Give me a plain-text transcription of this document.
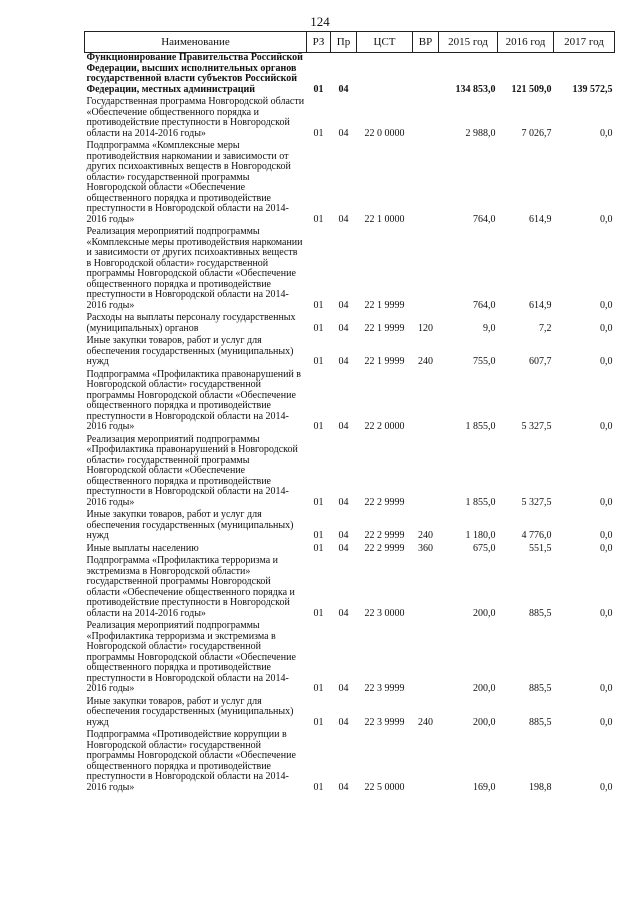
124
Наименование	РЗ	Пр	ЦСТ	ВР	2015 год	2016 год	2017 год
Функционирование Правительства Российской Федерации, высших исполнительных органов государственной власти субъектов Российской Федерации, местных администраций	01	04			134 853,0	121 509,0	139 572,5
Государственная программа Новгородской области «Обеспечение общественного порядка и противодействие преступности в Новгородской области на 2014-2016 годы»	01	04	22 0 0000		2 988,0	7 026,7	0,0
Подпрограмма «Комплексные меры противодействия наркомании и зависимости от других психоактивных веществ в Новгородской области» государственной программы Новгородской области «Обеспечение общественного порядка и противодействие преступности в Новгородской области на 2014-2016 годы»	01	04	22 1 0000		764,0	614,9	0,0
Реализация мероприятий подпрограммы «Комплексные меры противодействия наркомании и зависимости от других психоактивных веществ в Новгородской области» государственной программы Новгородской области «Обеспечение общественного порядка и противодействие преступности в Новгородской области на 2014-2016 годы»	01	04	22 1 9999		764,0	614,9	0,0
Расходы на выплаты персоналу государственных (муниципальных) органов	01	04	22 1 9999	120	9,0	7,2	0,0
Иные закупки товаров, работ и услуг для обеспечения государственных (муниципальных) нужд	01	04	22 1 9999	240	755,0	607,7	0,0
Подпрограмма «Профилактика правонарушений в Новгородской области» государственной программы Новгородской области «Обеспечение общественного порядка и противодействие преступности в Новгородской области на 2014-2016 годы»	01	04	22 2 0000		1 855,0	5 327,5	0,0
Реализация мероприятий подпрограммы «Профилактика правонарушений в Новгородской области» государственной программы Новгородской области «Обеспечение общественного порядка и противодействие преступности в Новгородской области на 2014-2016 годы»	01	04	22 2 9999		1 855,0	5 327,5	0,0
Иные закупки товаров, работ и услуг для обеспечения государственных (муниципальных) нужд	01	04	22 2 9999	240	1 180,0	4 776,0	0,0
Иные выплаты населению	01	04	22 2 9999	360	675,0	551,5	0,0
Подпрограмма «Профилактика терроризма и экстремизма в Новгородской области» государственной программы Новгородской области «Обеспечение общественного порядка и противодействие преступности в Новгородской области на 2014-2016 годы»	01	04	22 3 0000		200,0	885,5	0,0
Реализация мероприятий подпрограммы «Профилактика терроризма и экстремизма в Новгородской области» государственной программы Новгородской области «Обеспечение общественного порядка и противодействие преступности в Новгородской области на 2014-2016 годы»	01	04	22 3 9999		200,0	885,5	0,0
Иные закупки товаров, работ и услуг для обеспечения государственных (муниципальных) нужд	01	04	22 3 9999	240	200,0	885,5	0,0
Подпрограмма «Противодействие коррупции в Новгородской области» государственной программы Новгородской области «Обеспечение общественного порядка и противодействие преступности в Новгородской области на 2014-2016 годы»	01	04	22 5 0000		169,0	198,8	0,0
